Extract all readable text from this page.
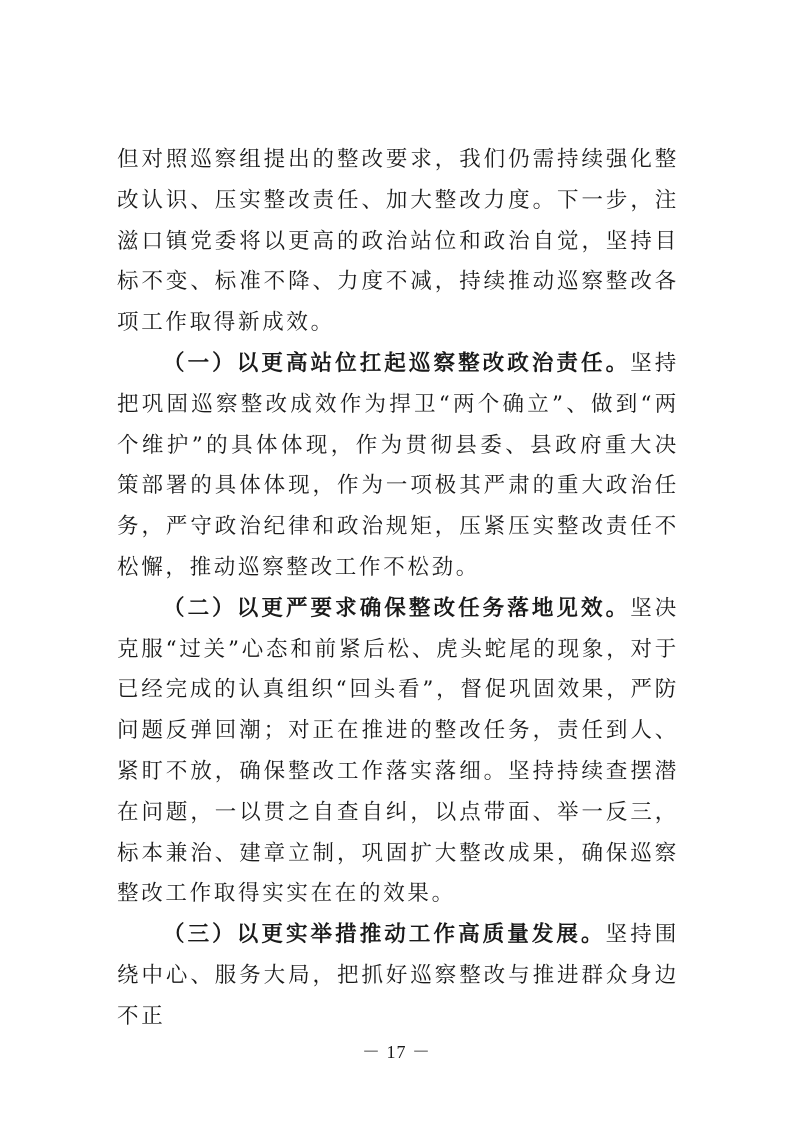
但对照巡察组提出的整改要求，我们仍需持续强化整改认识、压实整改责任、加大整改力度。下一步，注滋口镇党委将以更高的政治站位和政治自觉，坚持目标不变、标准不降、力度不减，持续推动巡察整改各项工作取得新成效。

（一）以更高站位扛起巡察整改政治责任。坚持把巩固巡察整改成效作为捍卫“两个确立”、做到“两个维护”的具体体现，作为贯彻县委、县政府重大决策部署的具体体现，作为一项极其严肃的重大政治任务，严守政治纪律和政治规矩，压紧压实整改责任不松懈，推动巡察整改工作不松劲。

（二）以更严要求确保整改任务落地见效。坚决克服“过关”心态和前紧后松、虎头蛇尾的现象，对于已经完成的认真组织“回头看”，督促巩固效果，严防问题反弹回潮；对正在推进的整改任务，责任到人、紧盯不放，确保整改工作落实落细。坚持持续查摆潜在问题，一以贯之自查自纠，以点带面、举一反三，标本兼治、建章立制，巩固扩大整改成果，确保巡察整改工作取得实实在在的效果。

（三）以更实举措推动工作高质量发展。坚持围绕中心、服务大局，把抓好巡察整改与推进群众身边不正

－ 17 －
